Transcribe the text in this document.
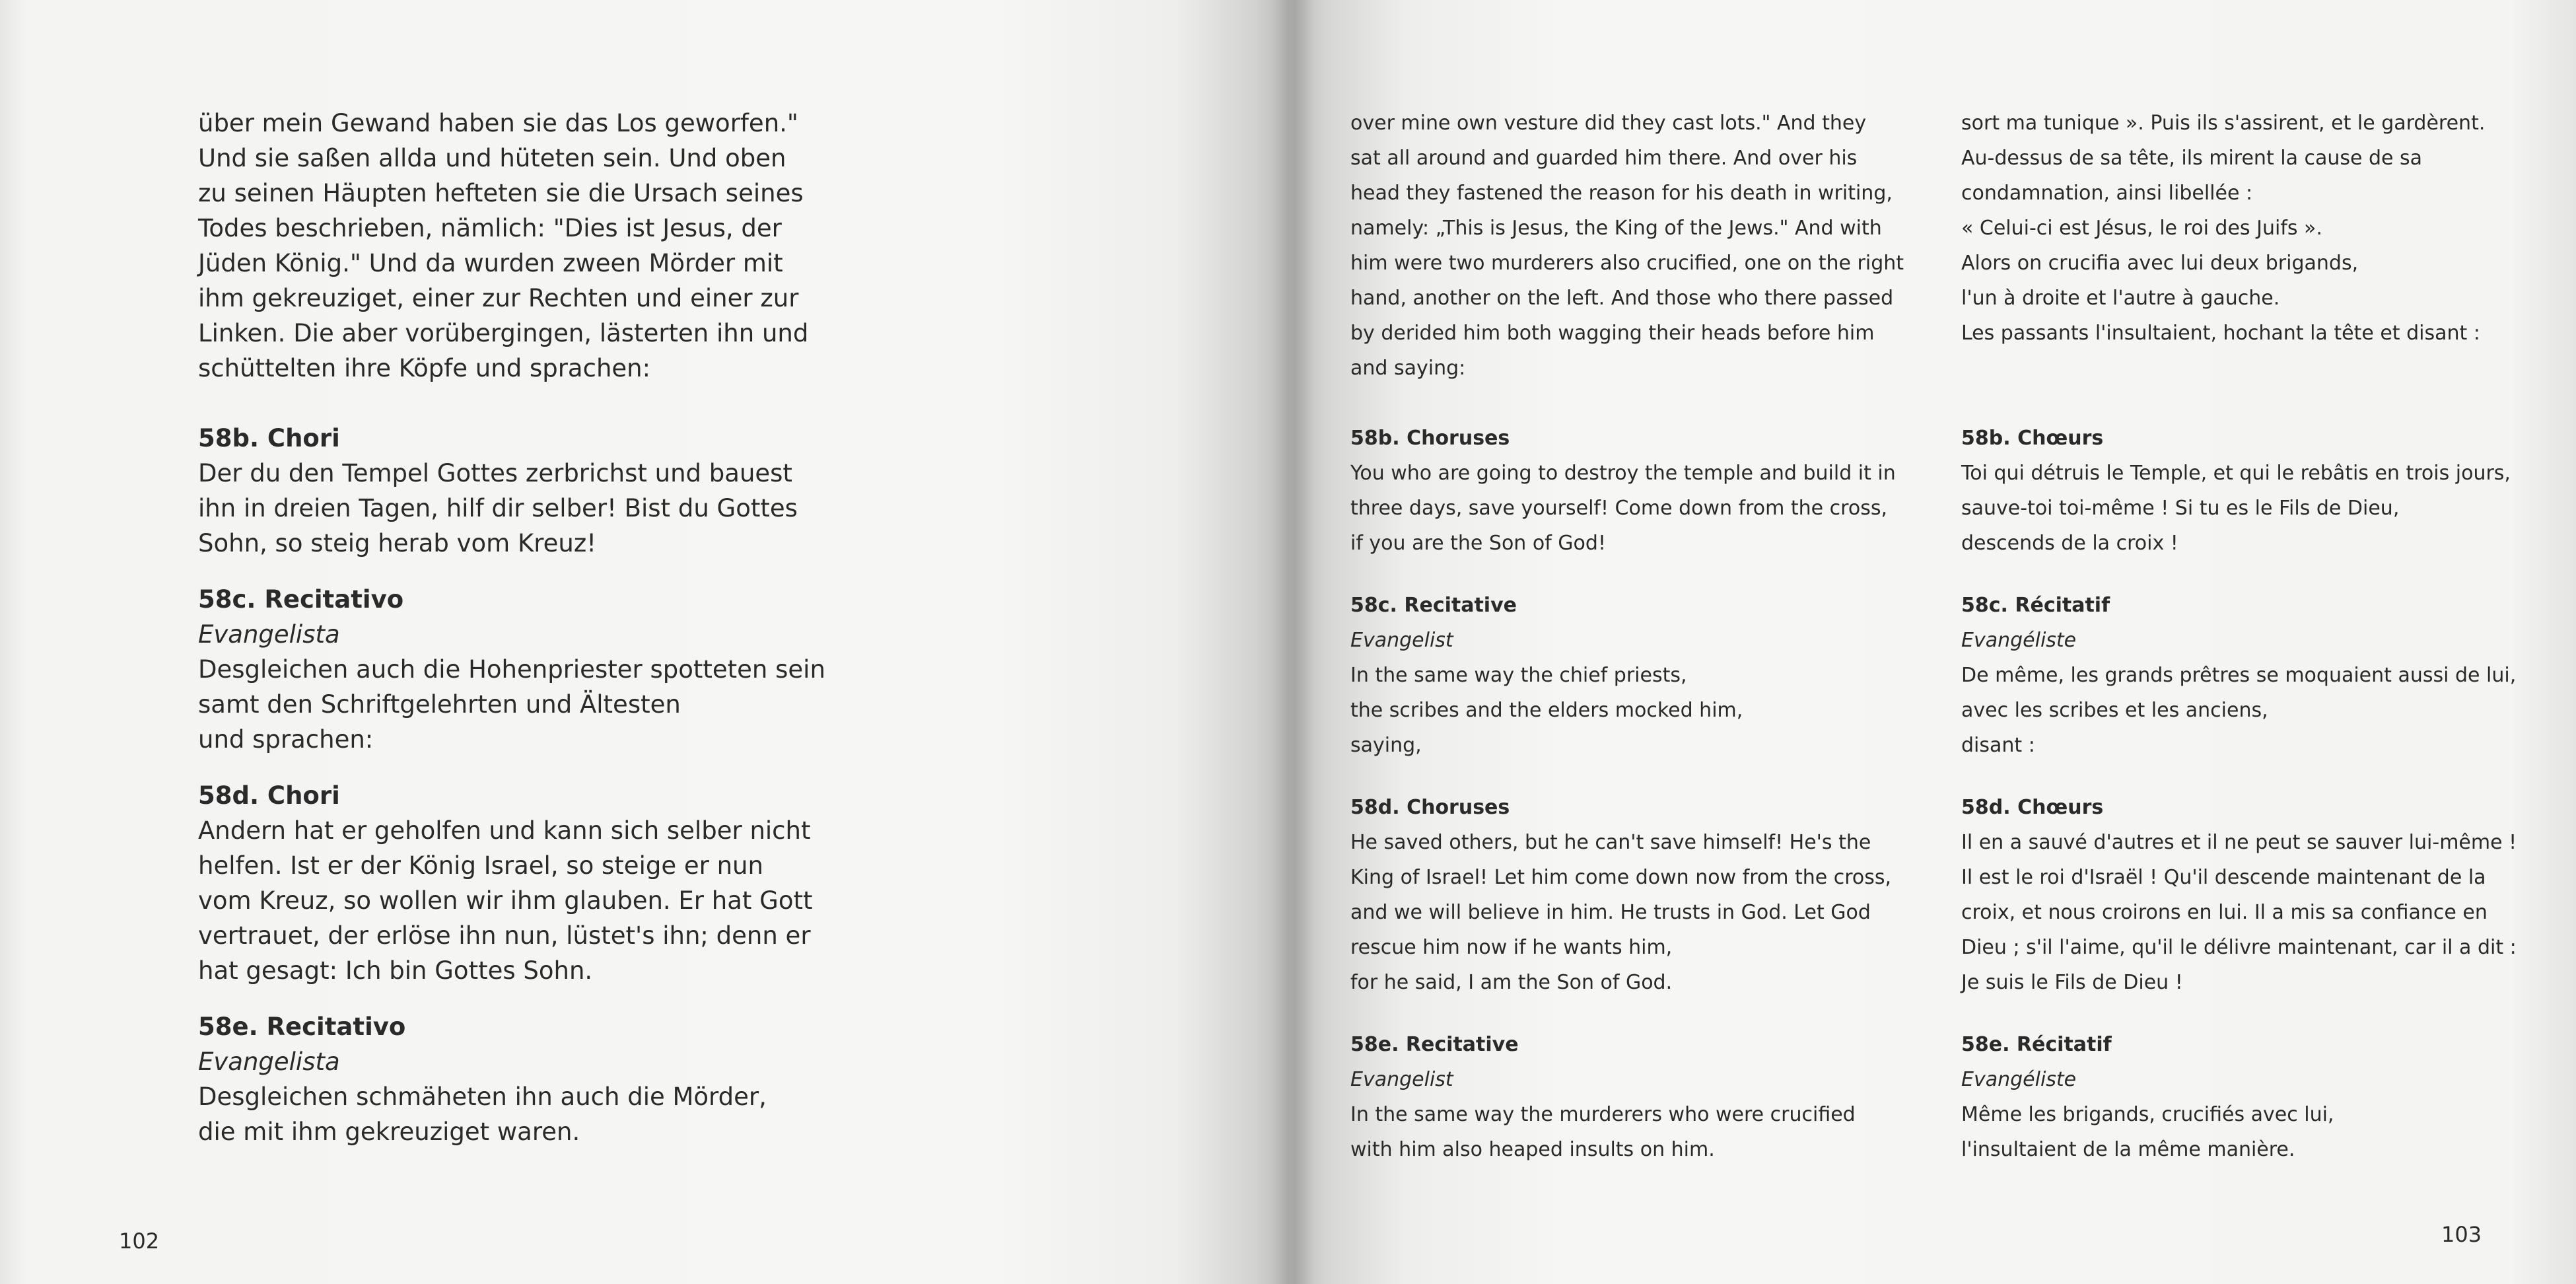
über mein Gewand haben sie das Los geworfen."
Und sie saßen allda und hüteten sein. Und oben
zu seinen Häupten hefteten sie die Ursach seines
Todes beschrieben, nämlich: "Dies ist Jesus, der
Jüden König." Und da wurden zween Mörder mit
ihm gekreuziget, einer zur Rechten und einer zur
Linken. Die aber vorübergingen, lästerten ihn und
schüttelten ihre Köpfe und sprachen:
58b. Chori
Der du den Tempel Gottes zerbrichst und bauest
ihn in dreien Tagen, hilf dir selber! Bist du Gottes
Sohn, so steig herab vom Kreuz!
58c. Recitativo
Evangelista
Desgleichen auch die Hohenpriester spotteten sein
samt den Schriftgelehrten und Ältesten
und sprachen:
58d. Chori
Andern hat er geholfen und kann sich selber nicht
helfen. Ist er der König Israel, so steige er nun
vom Kreuz, so wollen wir ihm glauben. Er hat Gott
vertrauet, der erlöse ihn nun, lüstet's ihn; denn er
hat gesagt: Ich bin Gottes Sohn.
58e. Recitativo
Evangelista
Desgleichen schmäheten ihn auch die Mörder,
die mit ihm gekreuziget waren.
102
over mine own vesture did they cast lots." And they
sat all around and guarded him there. And over his
head they fastened the reason for his death in writing,
namely: „This is Jesus, the King of the Jews." And with
him were two murderers also crucified, one on the right
hand, another on the left. And those who there passed
by derided him both wagging their heads before him
and saying:
58b. Choruses
You who are going to destroy the temple and build it in
three days, save yourself! Come down from the cross,
if you are the Son of God!
58c. Recitative
Evangelist
In the same way the chief priests,
the scribes and the elders mocked him,
saying,
58d. Choruses
He saved others, but he can't save himself! He's the
King of Israel! Let him come down now from the cross,
and we will believe in him. He trusts in God. Let God
rescue him now if he wants him,
for he said, I am the Son of God.
58e. Recitative
Evangelist
In the same way the murderers who were crucified
with him also heaped insults on him.
sort ma tunique ». Puis ils s'assirent, et le gardèrent.
Au-dessus de sa tête, ils mirent la cause de sa
condamnation, ainsi libellée :
« Celui-ci est Jésus, le roi des Juifs ».
Alors on crucifia avec lui deux brigands,
l'un à droite et l'autre à gauche.
Les passants l'insultaient, hochant la tête et disant :
58b. Chœurs
Toi qui détruis le Temple, et qui le rebâtis en trois jours,
sauve-toi toi-même ! Si tu es le Fils de Dieu,
descends de la croix !
58c. Récitatif
Evangéliste
De même, les grands prêtres se moquaient aussi de lui,
avec les scribes et les anciens,
disant :
58d. Chœurs
Il en a sauvé d'autres et il ne peut se sauver lui-même !
Il est le roi d'Israël ! Qu'il descende maintenant de la
croix, et nous croirons en lui. Il a mis sa confiance en
Dieu ; s'il l'aime, qu'il le délivre maintenant, car il a dit :
Je suis le Fils de Dieu !
58e. Récitatif
Evangéliste
Même les brigands, crucifiés avec lui,
l'insultaient de la même manière.
103
